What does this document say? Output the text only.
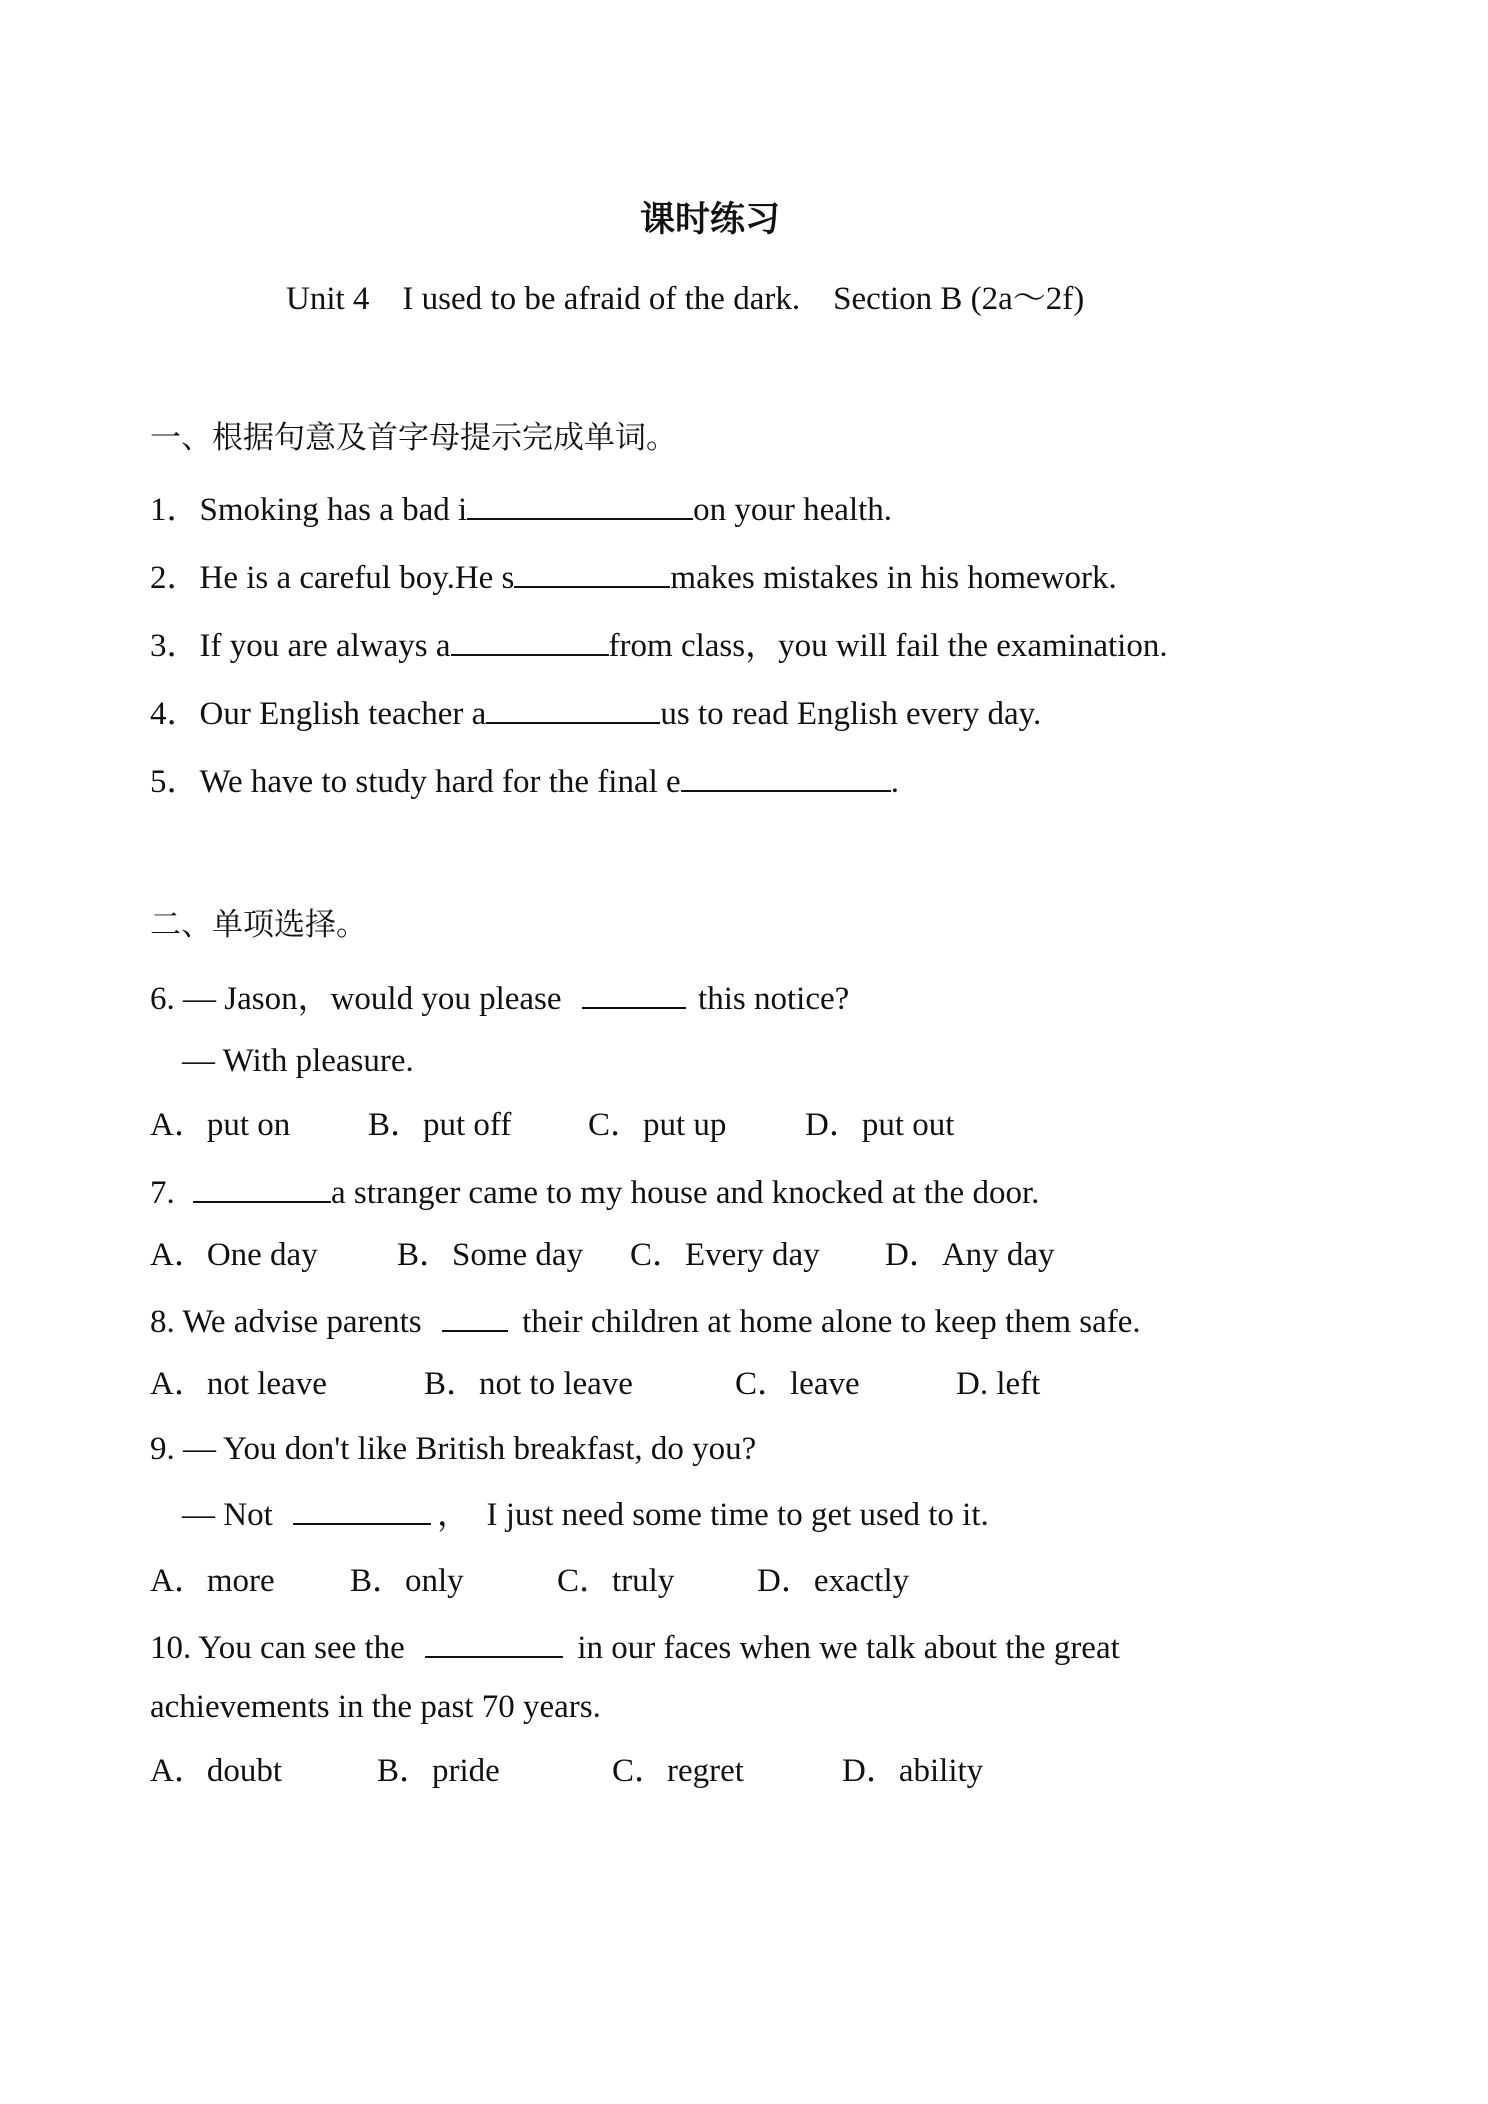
课时练习
Unit 4    I used to be afraid of the dark.    Section B (2a～2f)
一、根据句意及首字母提示完成单词。
1．Smoking has a bad i	on your health.
2．He is a careful boy.He s	makes mistakes in his homework.
3．If you are always a	from class，you will fail the examination.
4．Our English teacher a	us to read English every day.
5．We have to study hard for the final e	.
二、单项选择。
6. — Jason，would you please	this notice?
— With pleasure.
A．put on B．put off C．put up D．put out
7.	a stranger came to my house and knocked at the door.
A．One day B．Some day C．Every day D．Any day
8. We advise parents	their children at home alone to keep them safe.
A．not leave	B．not to leave	C．leave	D. left
9. — You don't like British breakfast, do you?
— Not	，  I just need some time to get used to it.
A．more B．only	C．truly	D．exactly
10. You can see the	in our faces when we talk about the great
achievements in the past 70 years.
A．doubt	B．pride	C．regret	D．ability
